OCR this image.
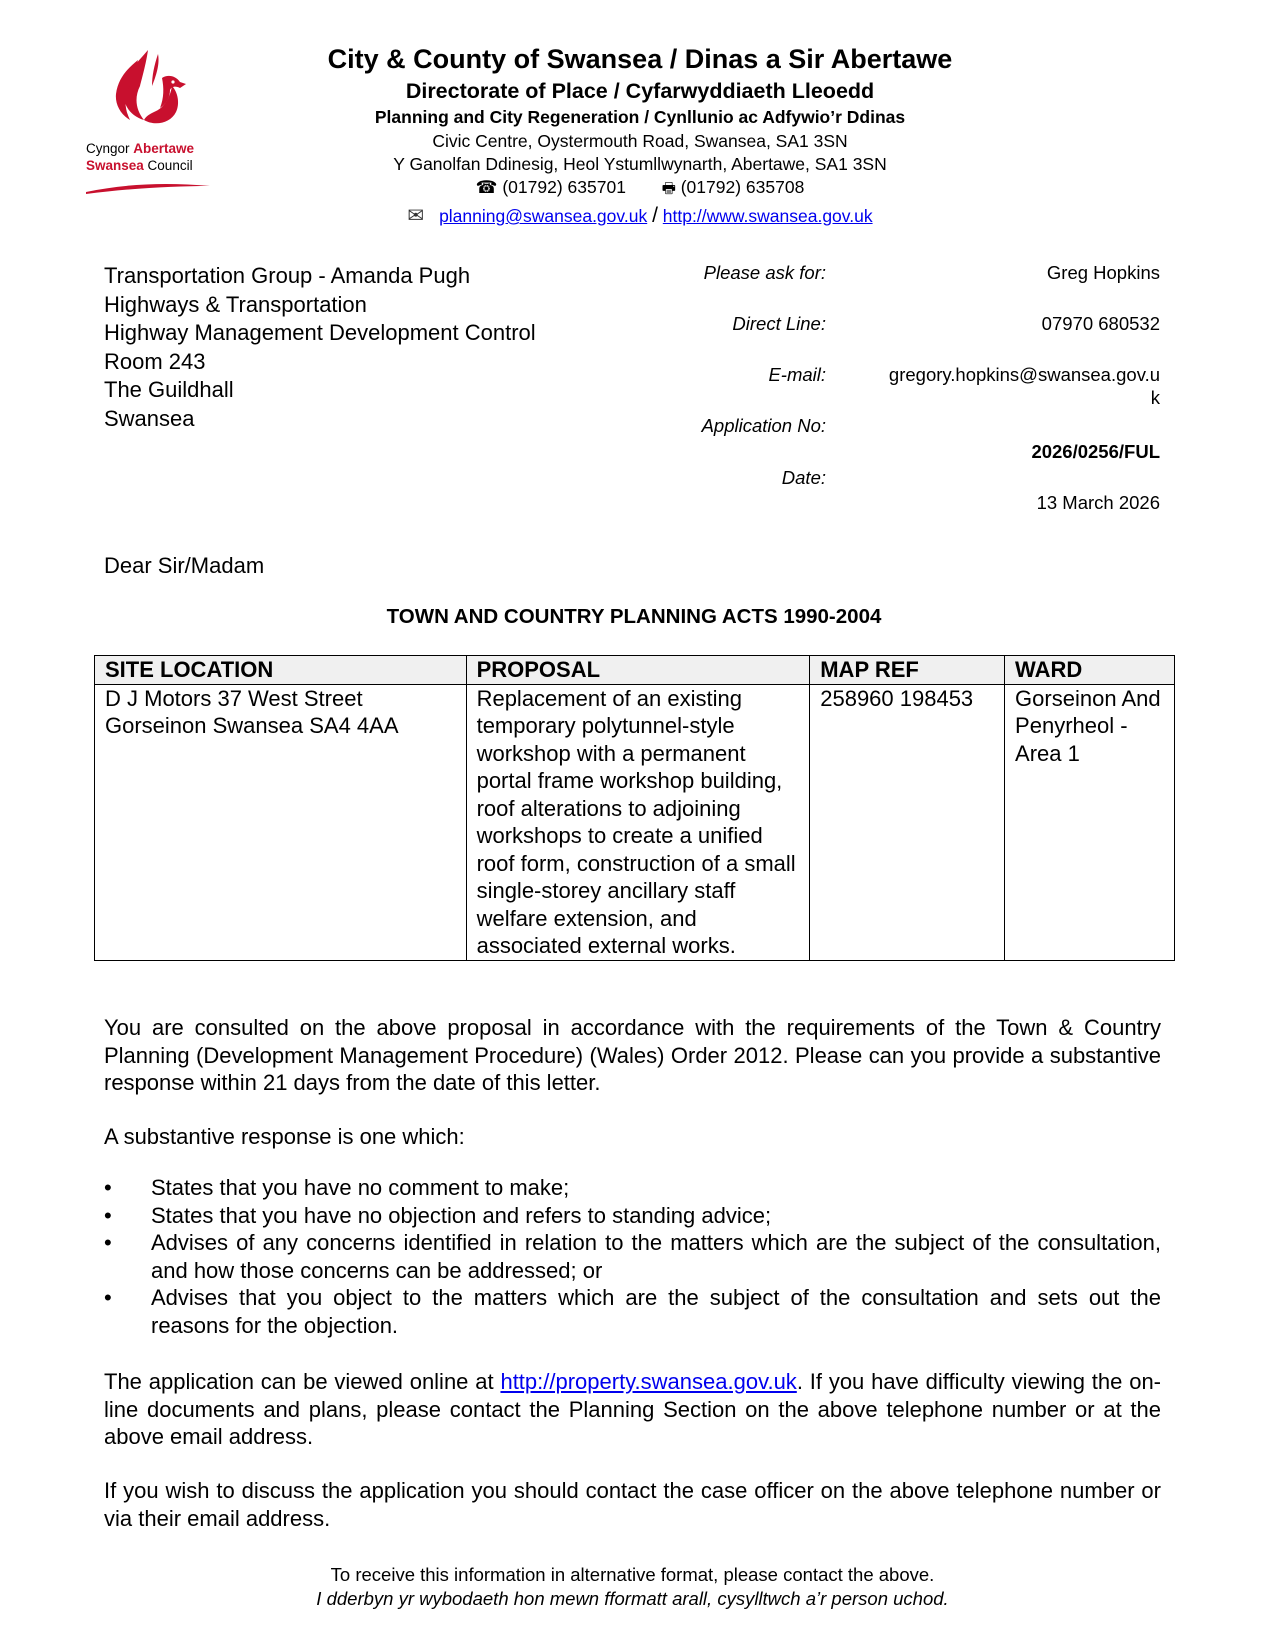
Cyngor Abertawe
Swansea Council
City & County of Swansea / Dinas a Sir Abertawe
Directorate of Place / Cyfarwyddiaeth Lleoedd
Planning and City Regeneration / Cynllunio ac Adfywio’r Ddinas
Civic Centre, Oystermouth Road, Swansea, SA1 3SN
Y Ganolfan Ddinesig, Heol Ystumllwynarth, Abertawe, SA1 3SN
☎ (01792) 635701 🖶 (01792) 635708
✉ planning@swansea.gov.uk / http://www.swansea.gov.uk
Transportation Group - Amanda Pugh
Highways & Transportation
Highway Management Development Control
Room 243
The Guildhall
Swansea
Please ask for:	Greg Hopkins
Direct Line:	07970 680532
E-mail:	gregory.hopkins@swansea.gov.u
k
Application No:
2026/0256/FUL
Date:
13 March 2026
Dear Sir/Madam
TOWN AND COUNTRY PLANNING ACTS 1990-2004
SITE LOCATION	PROPOSAL	MAP REF	WARD
D J Motors 37 West Street Gorseinon Swansea SA4 4AA	Replacement of an existing temporary polytunnel-style workshop with a permanent portal frame workshop building, roof alterations to adjoining workshops to create a unified roof form, construction of a small single-storey ancillary staff welfare extension, and associated external works.	258960 198453	Gorseinon And Penyrheol - Area 1
You are consulted on the above proposal in accordance with the requirements of the Town & Country Planning (Development Management Procedure) (Wales) Order 2012. Please can you provide a substantive response within 21 days from the date of this letter.
A substantive response is one which:
• States that you have no comment to make;
• States that you have no objection and refers to standing advice;
• Advises of any concerns identified in relation to the matters which are the subject of the consultation, and how those concerns can be addressed; or
• Advises that you object to the matters which are the subject of the consultation and sets out the reasons for the objection.
The application can be viewed online at http://property.swansea.gov.uk. If you have difficulty viewing the on-line documents and plans, please contact the Planning Section on the above telephone number or at the above email address.
If you wish to discuss the application you should contact the case officer on the above telephone number or via their email address.
To receive this information in alternative format, please contact the above.
I dderbyn yr wybodaeth hon mewn fformatt arall, cysylltwch a’r person uchod.
